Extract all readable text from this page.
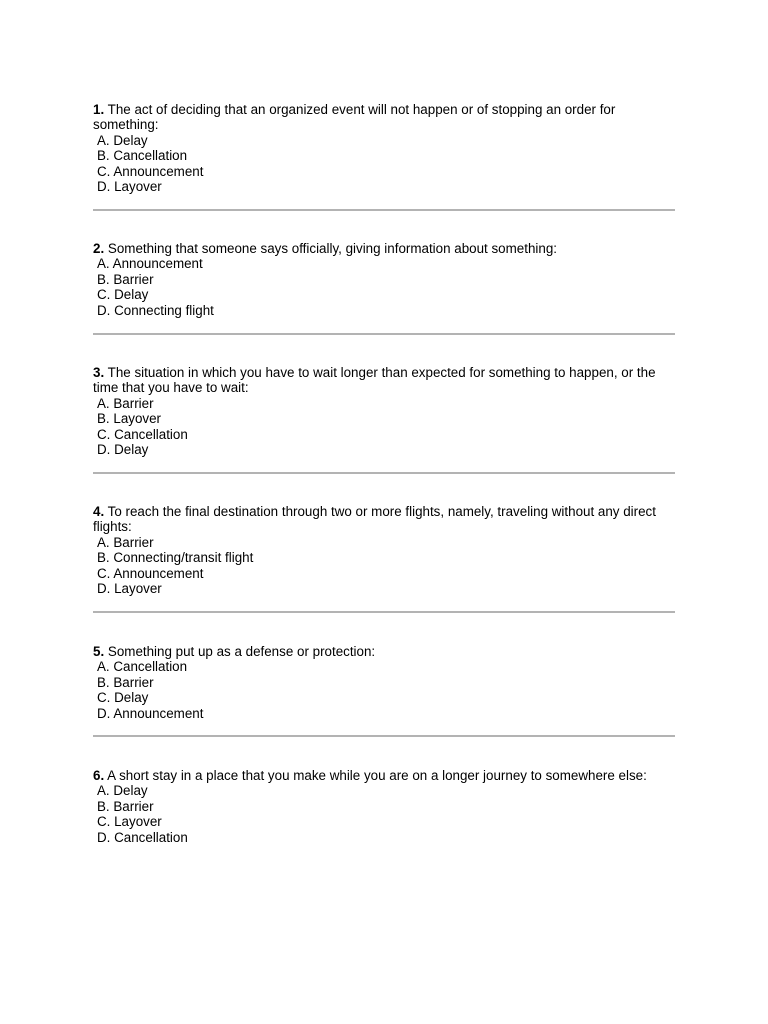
1. The act of deciding that an organized event will not happen or of stopping an order for something:

A. Delay
B. Cancellation
C. Announcement
D. Layover

2. Something that someone says officially, giving information about something:

A. Announcement
B. Barrier
C. Delay
D. Connecting flight

3. The situation in which you have to wait longer than expected for something to happen, or the time that you have to wait:

A. Barrier
B. Layover
C. Cancellation
D. Delay

4. To reach the final destination through two or more flights, namely, traveling without any direct flights:

A. Barrier
B. Connecting/transit flight
C. Announcement
D. Layover

5. Something put up as a defense or protection:

A. Cancellation
B. Barrier
C. Delay
D. Announcement

6. A short stay in a place that you make while you are on a longer journey to somewhere else:

A. Delay
B. Barrier
C. Layover
D. Cancellation
